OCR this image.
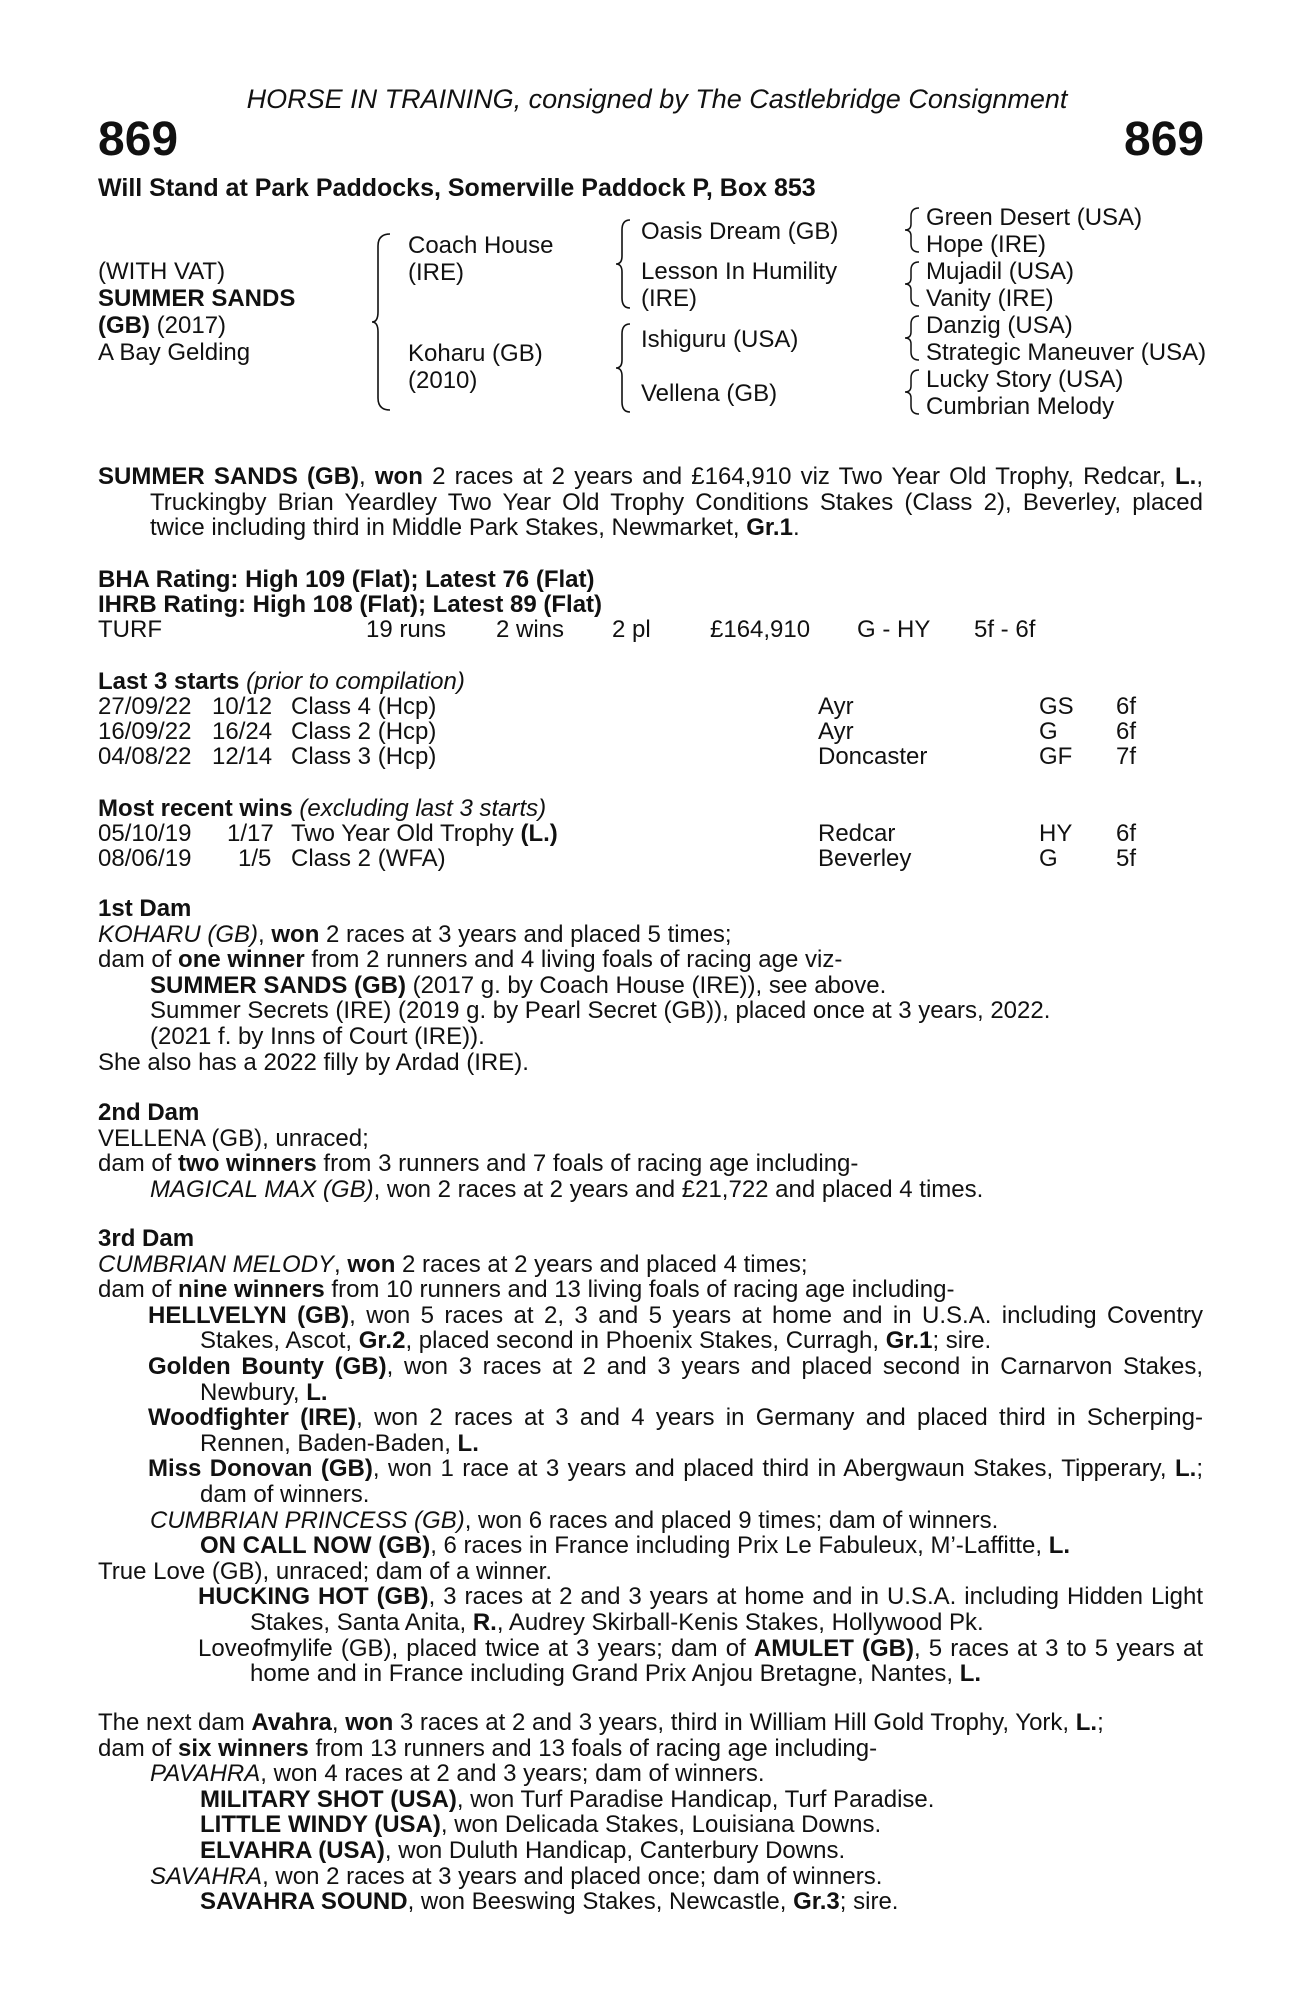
HORSE IN TRAINING, consigned by The Castlebridge Consignment
869	869
Will Stand at Park Paddocks, Somerville Paddock P, Box 853
(WITH VAT)
SUMMER SANDS
(GB) (2017)
A Bay Gelding
Coach House
(IRE)
Koharu (GB)
(2010)
Oasis Dream (GB)
Lesson In Humility
(IRE)
Ishiguru (USA)
Vellena (GB)
Green Desert (USA)
Hope (IRE)
Mujadil (USA)
Vanity (IRE)
Danzig (USA)
Strategic Maneuver (USA)
Lucky Story (USA)
Cumbrian Melody

SUMMER SANDS (GB), won 2 races at 2 years and £164,910 viz Two Year Old Trophy, Redcar, L., Truckingby Brian Yeardley Two Year Old Trophy Conditions Stakes (Class 2), Beverley, placed twice including third in Middle Park Stakes, Newmarket, Gr.1.

BHA Rating: High 109 (Flat); Latest 76 (Flat)
IHRB Rating: High 108 (Flat); Latest 89 (Flat)
TURF	19 runs 2 wins 2 pl £164,910 G - HY 5f - 6f
Last 3 starts (prior to compilation)
27/09/22 10/12 Class 4 (Hcp)	Ayr	GS 6f
16/09/22 16/24 Class 2 (Hcp)	Ayr	G 6f
04/08/22 12/14 Class 3 (Hcp)	Doncaster	GF 7f
Most recent wins (excluding last 3 starts)
05/10/19 1/17 Two Year Old Trophy (L.)	Redcar	HY 6f
08/06/19 1/5 Class 2 (WFA)	Beverley	G 5f

1st Dam

KOHARU (GB), won 2 races at 3 years and placed 5 times;

dam of one winner from 2 runners and 4 living foals of racing age viz-

SUMMER SANDS (GB) (2017 g. by Coach House (IRE)), see above.

Summer Secrets (IRE) (2019 g. by Pearl Secret (GB)), placed once at 3 years, 2022.

(2021 f. by Inns of Court (IRE)).

She also has a 2022 filly by Ardad (IRE).

2nd Dam

VELLENA (GB), unraced;

dam of two winners from 3 runners and 7 foals of racing age including-

MAGICAL MAX (GB), won 2 races at 2 years and £21,722 and placed 4 times.

3rd Dam

CUMBRIAN MELODY, won 2 races at 2 years and placed 4 times;

dam of nine winners from 10 runners and 13 living foals of racing age including-

HELLVELYN (GB), won 5 races at 2, 3 and 5 years at home and in U.S.A. including Coventry Stakes, Ascot, Gr.2, placed second in Phoenix Stakes, Curragh, Gr.1; sire.

Golden Bounty (GB), won 3 races at 2 and 3 years and placed second in Carnarvon Stakes, Newbury, L.

Woodfighter (IRE), won 2 races at 3 and 4 years in Germany and placed third in Scherping-Rennen, Baden-Baden, L.

Miss Donovan (GB), won 1 race at 3 years and placed third in Abergwaun Stakes, Tipperary, L.; dam of winners.

CUMBRIAN PRINCESS (GB), won 6 races and placed 9 times; dam of winners.

ON CALL NOW (GB), 6 races in France including Prix Le Fabuleux, M’-Laffitte, L.

True Love (GB), unraced; dam of a winner.

HUCKING HOT (GB), 3 races at 2 and 3 years at home and in U.S.A. including Hidden Light Stakes, Santa Anita, R., Audrey Skirball-Kenis Stakes, Hollywood Pk.

Loveofmylife (GB), placed twice at 3 years; dam of AMULET (GB), 5 races at 3 to 5 years at home and in France including Grand Prix Anjou Bretagne, Nantes, L.

The next dam Avahra, won 3 races at 2 and 3 years, third in William Hill Gold Trophy, York, L.;

dam of six winners from 13 runners and 13 foals of racing age including-

PAVAHRA, won 4 races at 2 and 3 years; dam of winners.

MILITARY SHOT (USA), won Turf Paradise Handicap, Turf Paradise.

LITTLE WINDY (USA), won Delicada Stakes, Louisiana Downs.

ELVAHRA (USA), won Duluth Handicap, Canterbury Downs.

SAVAHRA, won 2 races at 3 years and placed once; dam of winners.

SAVAHRA SOUND, won Beeswing Stakes, Newcastle, Gr.3; sire.
